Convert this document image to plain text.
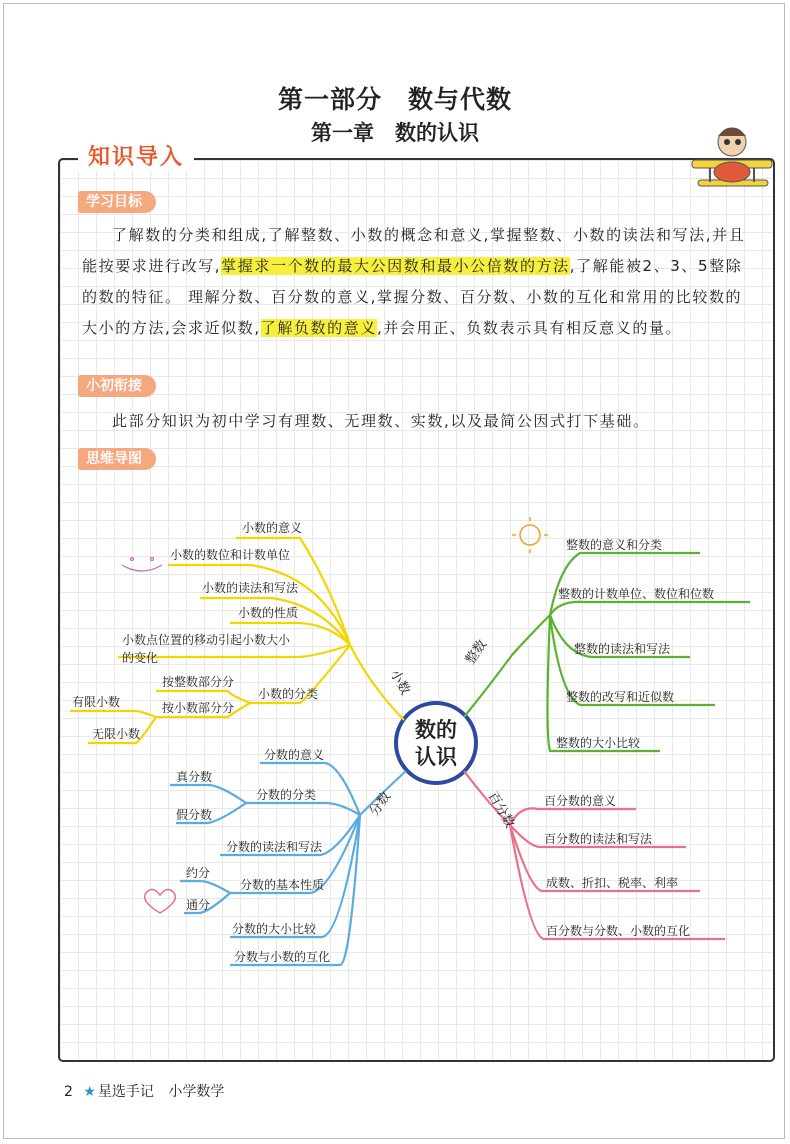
第一部分　数与代数
第一章　数的认识
知识导入
学习目标

了解数的分类和组成,了解整数、小数的概念和意义,掌握整数、小数的读法和写法,并且能按要求进行改写,掌握求一个数的最大公因数和最小公倍数的方法,了解能被2、3、5整除的数的特征。 理解分数、百分数的意义,掌握分数、百分数、小数的互化和常用的比较数的大小的方法,会求近似数,了解负数的意义,并会用正、负数表示具有相反意义的量。

小初衔接
此部分知识为初中学习有理数、无理数、实数,以及最简公因式打下基础。
思维导图
数的
认识
小数的意义
小数的数位和计数单位
小数的读法和写法
小数的性质
小数点位置的移动引起小数大小
的变化
小数的分类
按整数部分分
按小数部分分
有限小数
无限小数
小数
整数的意义和分类
整数的计数单位、数位和位数
整数的读法和写法
整数的改写和近似数
整数的大小比较
整数
分数的意义
分数的分类
真分数
假分数
分数的读法和写法
分数的基本性质
约分
通分
分数的大小比较
分数与小数的互化
分数	百分数的意义
百分数的读法和写法
成数、折扣、税率、利率
百分数与分数、小数的互化
百分数
2 ★ 星选手记 小学数学
